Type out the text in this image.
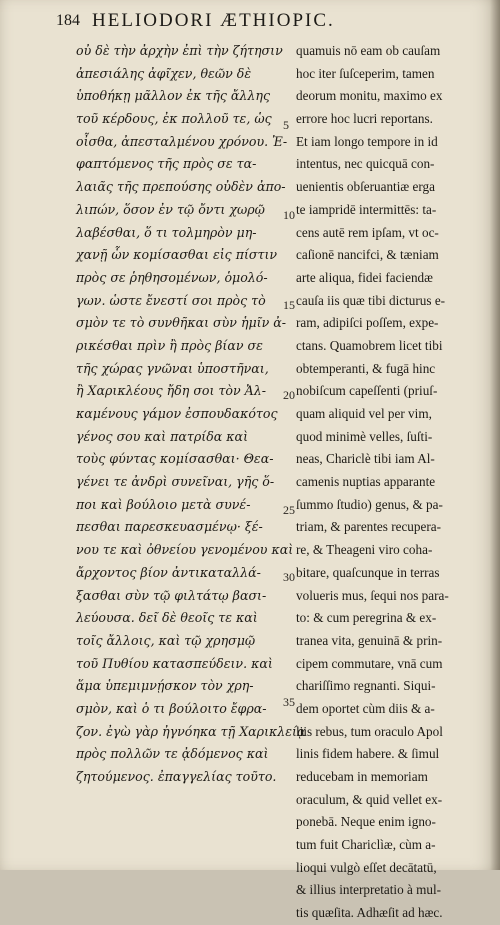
184 HELIODORI ÆTHIOPIC.
οὐ δὲ τὴν ἀρχὴν ἐπὶ τὴν ζήτησιν
ἀπεσιάλης ἀφῖχεν, θεῶν δὲ
ὑποθήκῃ μᾶλλον ἐκ τῆς ἄλλης
τοῦ κέρδους, ἐκ πολλοῦ τε, ὡς
οἶσθα, ἀπεσταλμένου χρόνου. Ἐ-
φαπτόμενος τῆς πρὸς σε τα-
λαιᾶς τῆς πρεπούσης οὐδὲν ἀπο-
λιπών, ὅσον ἐν τῷ ὄντι χωρῷ
λαβέσθαι, ὅ τι τολμηρὸν μη-
χανῇ ὧν κομίσασθαι εἰς πίστιν
πρὸς σε ῥηθησομένων, ὁμολό-
γων. ὡστε ἔνεστί σοι πρὸς τὸ
σμὸν τε τὸ συνθῆκαι σὺν ἡμῖν ἀ-
ρικέσθαι πρὶν ἢ πρὸς βίαν σε
τῆς χώρας γνῶναι ὑποστῆναι,
ἢ Χαρικλέους ἤδη σοι τὸν Ἀλ-
καμένους γάμον ἐσπουδακότος
γένος σου καὶ πατρίδα καὶ
τοὺς φύντας κομίσασθαι· Θεα-
γένει τε ἀνδρὶ συνεῖναι, γῆς ὅ-
ποι καὶ βούλοιο μετὰ συνέ-
πεσθαι παρεσκευασμένῳ· ξέ-
νου τε καὶ ὀθνείου γενομένου καὶ
ἄρχοντος βίον ἀντικαταλλά-
ξασθαι σὺν τῷ φιλτάτῳ βασι-
λεύουσα. δεῖ δὲ θεοῖς τε καὶ
τοῖς ἄλλοις, καὶ τῷ χρησμῷ
τοῦ Πυθίου κατασπεύδειν. καὶ
ἅμα ὑπεμιμνῄσκον τὸν χρη-
σμὸν, καὶ ὁ τι βούλοιτο ἔφρα-
ζον. ἐγὼ γὰρ ἠγνόηκα τῇ Χαρικλείᾳ
πρὸς πολλῶν τε ᾀδόμενος καὶ
ζητούμενος. ἐπαγγελίας τοῦτο.
5
10
15
20
25
30
35
quamuis nō eam ob cauſam
hoc iter ſuſceperim, tamen
deorum monitu, maximo ex
errore hoc lucri reportans.
Et iam longo tempore in id
intentus, nec quicquā con-
uenientis obſeruantiæ erga
te iampridē intermittēs: ta-
cens autē rem ipſam, vt oc-
caſionē nancifci, & tæniam
arte aliqua, fidei faciendæ
cauſa iis quæ tibi dicturus e-
ram, adipiſci poſſem, expe-
ctans. Quamobrem licet tibi
obtemperanti, & fugā hinc
nobiſcum capeſſenti (priuſ-
quam aliquid vel per vim,
quod minimè velles, ſuſti-
neas, Chariclè tibi iam Al-
camenis nuptias apparante
ſummo ſtudio) genus, & pa-
triam, & parentes recupera-
re, & Theageni viro coha-
bitare, quaſcunque in terras
volueris mus, ſequi nos para-
to: & cum peregrina & ex-
tranea vita, genuinā & prin-
cipem commutare, vnā cum
chariſſimo regnanti. Siqui-
dem oportet cùm diis & a-
liis rebus, tum oraculo Apol
linis fidem habere. & ſimul
reducebam in memoriam
oraculum, & quid vellet ex-
ponebā. Neque enim igno-
tum fuit Chariclìæ, cùm a-
lioqui vulgò eſſet decātatū,
& illius interpretatio à mul-
tis quæſita. Adhæſit ad hæc.
